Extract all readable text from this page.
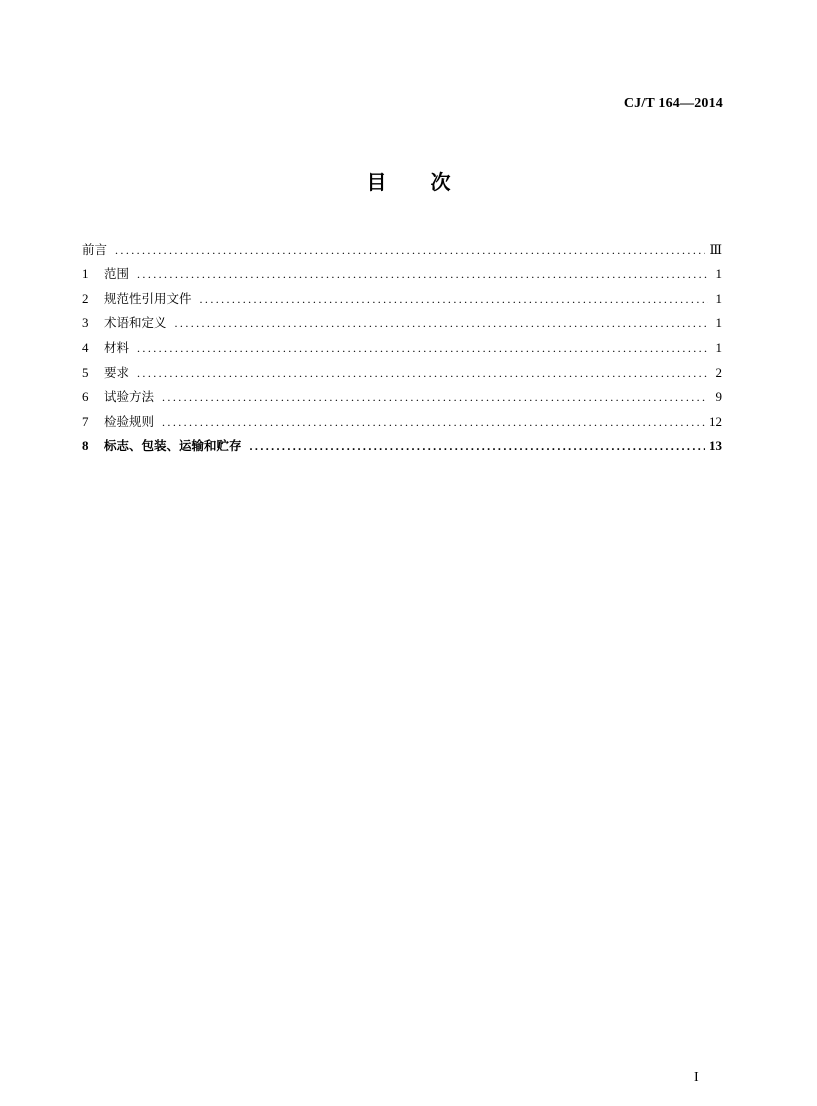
CJ/T 164—2014
目次
前言 .....	Ⅲ
1	范围 .....	1
2	规范性引用文件 .....	1
3	术语和定义 .....	1
4	材料 .....	1
5	要求 .....	2
6	试验方法 .....	9
7	检验规则 .....	12
8	标志、包装、运输和贮存 .....	13
I
